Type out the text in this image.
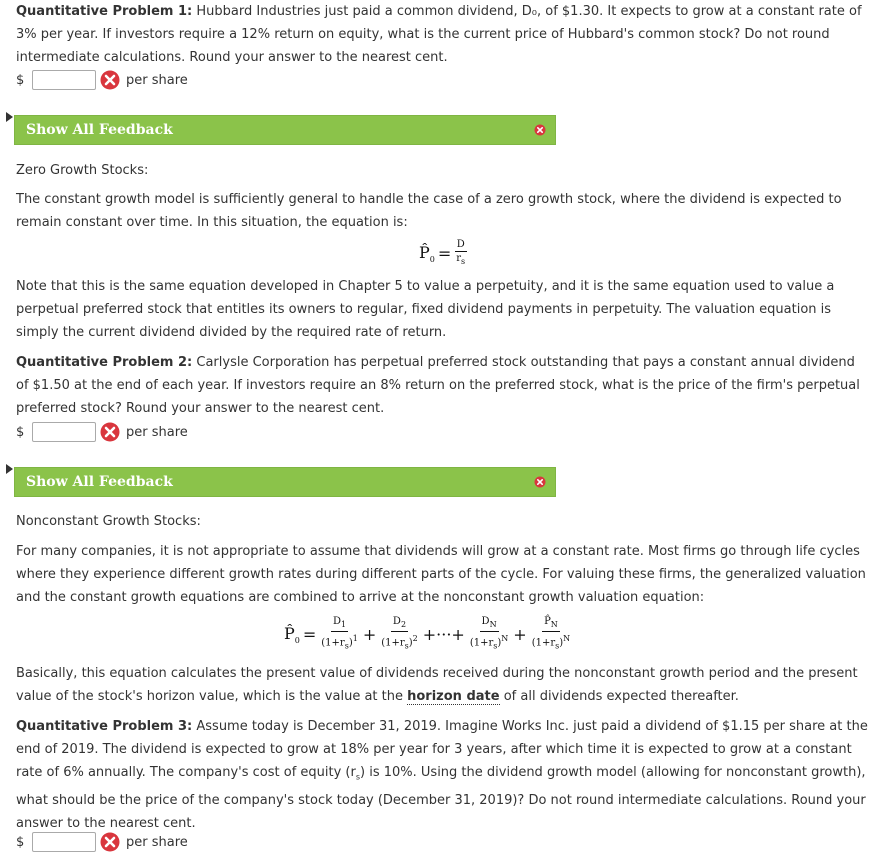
Quantitative Problem 1: Hubbard Industries just paid a common dividend, D₀, of $1.30. It expects to grow at a constant rate of 3% per year. If investors require a 12% return on equity, what is the current price of Hubbard's common stock? Do not round intermediate calculations. Round your answer to the nearest cent.

$	per share
Show All Feedback

Zero Growth Stocks:

The constant growth model is sufficiently general to handle the case of a zero growth stock, where the dividend is expected to remain constant over time. In this situation, the equation is:

$P̂_0 = \frac{D}{r_s}$

Note that this is the same equation developed in Chapter 5 to value a perpetuity, and it is the same equation used to value a perpetual preferred stock that entitles its owners to regular, fixed dividend payments in perpetuity. The valuation equation is simply the current dividend divided by the required rate of return.

Quantitative Problem 2: Carlysle Corporation has perpetual preferred stock outstanding that pays a constant annual dividend of $1.50 at the end of each year. If investors require an 8% return on the preferred stock, what is the price of the firm's perpetual preferred stock? Round your answer to the nearest cent.

$	per share
Show All Feedback

Nonconstant Growth Stocks:

For many companies, it is not appropriate to assume that dividends will grow at a constant rate. Most firms go through life cycles where they experience different growth rates during different parts of the cycle. For valuing these firms, the generalized valuation and the constant growth equations are combined to arrive at the nonconstant growth valuation equation:

$P̂_0 = \frac{D_1}{(1+r_s)^1} + \frac{D_2}{(1+r_s)^2}$ +···+ $\frac{D_N}{(1+r_s)^N} + \frac{P̂_N}{(1+r_s)^N}$

Basically, this equation calculates the present value of dividends received during the nonconstant growth period and the present value of the stock's horizon value, which is the value at the horizon date of all dividends expected thereafter.

Quantitative Problem 3: Assume today is December 31, 2019. Imagine Works Inc. just paid a dividend of $1.15 per share at the end of 2019. The dividend is expected to grow at 18% per year for 3 years, after which time it is expected to grow at a constant rate of 6% annually. The company's cost of equity $(r_s)$ is 10%. Using the dividend growth model (allowing for nonconstant growth), what should be the price of the company's stock today (December 31, 2019)? Do not round intermediate calculations. Round your answer to the nearest cent.

$	per share
